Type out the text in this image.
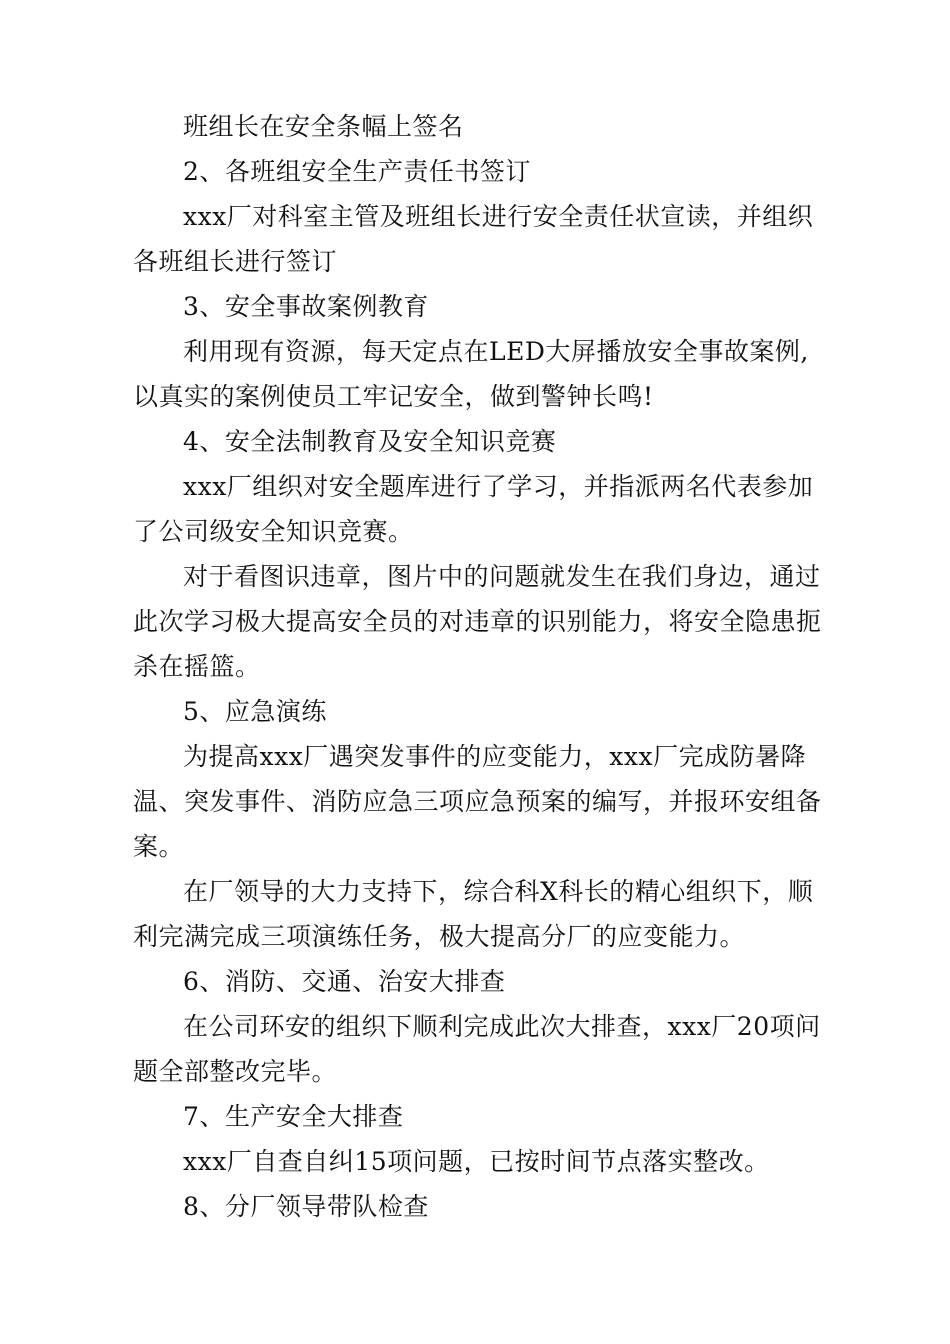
班组长在安全条幅上签名

2、各班组安全生产责任书签订

xxx厂对科室主管及班组长进行安全责任状宣读，并组织各班组长进行签订

3、安全事故案例教育

利用现有资源，每天定点在LED大屏播放安全事故案例,以真实的案例使员工牢记安全，做到警钟长鸣!

4、安全法制教育及安全知识竞赛

xxx厂组织对安全题库进行了学习，并指派两名代表参加了公司级安全知识竞赛。

对于看图识违章，图片中的问题就发生在我们身边，通过此次学习极大提高安全员的对违章的识别能力，将安全隐患扼杀在摇篮。

5、应急演练

为提高xxx厂遇突发事件的应变能力，xxx厂完成防暑降温、突发事件、消防应急三项应急预案的编写，并报环安组备案。

在厂领导的大力支持下，综合科X科长的精心组织下，顺利完满完成三项演练任务，极大提高分厂的应变能力。

6、消防、交通、治安大排查

在公司环安的组织下顺利完成此次大排查，xxx厂20项问题全部整改完毕。

7、生产安全大排查

xxx厂自查自纠15项问题，已按时间节点落实整改。

8、分厂领导带队检查
